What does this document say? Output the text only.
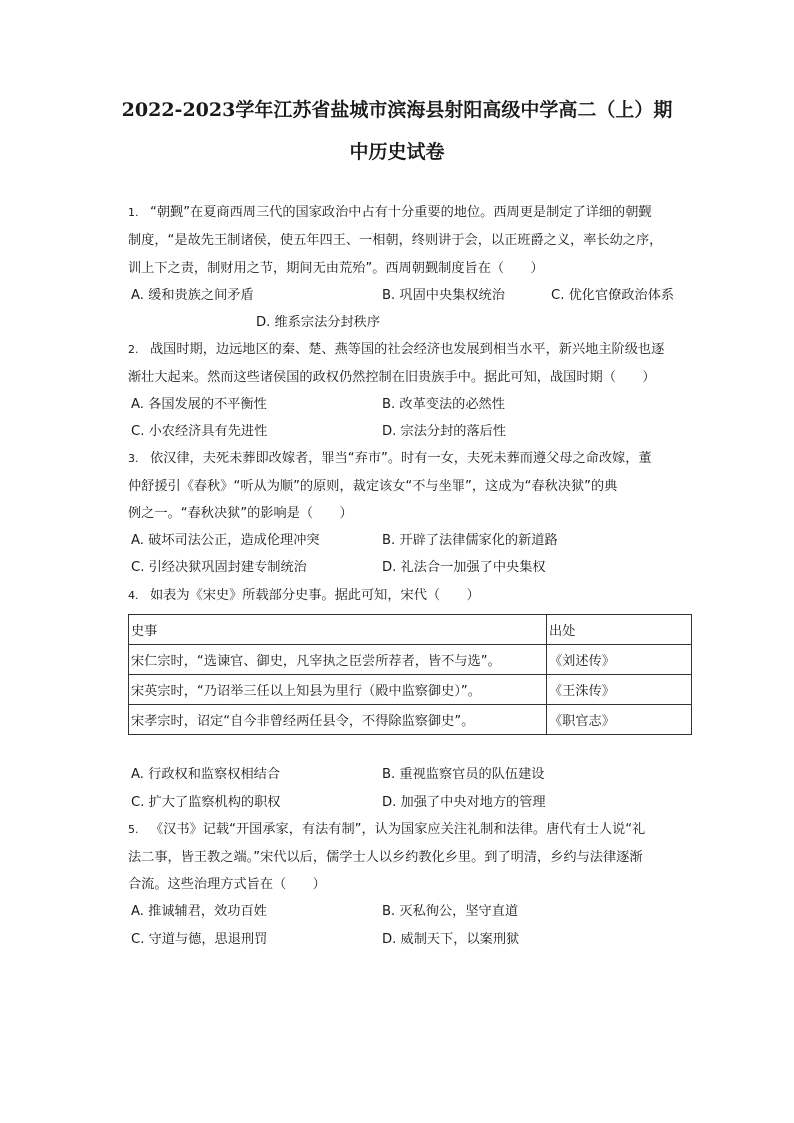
2022-2023学年江苏省盐城市滨海县射阳高级中学高二（上）期
中历史试卷
1. “朝觐”在夏商西周三代的国家政治中占有十分重要的地位。西周更是制定了详细的朝觐
制度，“是故先王制诸侯，使五年四王、一相朝，终则讲于会，以正班爵之义，率长幼之序，
训上下之责，制财用之节，期间无由荒殆”。西周朝觐制度旨在（　　）
A. 缓和贵族之间矛盾	B. 巩固中央集权统治	C. 优化官僚政治体系
D. 维系宗法分封秩序
2. 战国时期，边远地区的秦、楚、燕等国的社会经济也发展到相当水平，新兴地主阶级也逐
渐壮大起来。然而这些诸侯国的政权仍然控制在旧贵族手中。据此可知，战国时期（　　）
A. 各国发展的不平衡性	B. 改革变法的必然性
C. 小农经济具有先进性	D. 宗法分封的落后性
3. 依汉律，夫死未葬即改嫁者，罪当“弃市”。时有一女，夫死未葬而遵父母之命改嫁，董
仲舒援引《春秋》“听从为顺”的原则，裁定该女“不与坐罪”，这成为“春秋决狱”的典
例之一。“春秋决狱”的影响是（　　）
A. 破坏司法公正，造成伦理冲突	B. 开辟了法律儒家化的新道路
C. 引经决狱巩固封建专制统治	D. 礼法合一加强了中央集权
4. 如表为《宋史》所载部分史事。据此可知，宋代（　　）
史事	出处
宋仁宗时，“选谏官、御史，凡宰执之臣尝所荐者，皆不与选”。	《刘述传》
宋英宗时，“乃诏举三任以上知县为里行（殿中监察御史）”。	《王洙传》
宋孝宗时，诏定“自今非曾经两任县令，不得除监察御史”。	《职官志》
A. 行政权和监察权相结合	B. 重视监察官员的队伍建设
C. 扩大了监察机构的职权	D. 加强了中央对地方的管理
5. 《汉书》记载“开国承家，有法有制”，认为国家应关注礼制和法律。唐代有士人说“礼
法二事，皆王教之端。”宋代以后，儒学士人以乡约教化乡里。到了明清，乡约与法律逐渐
合流。这些治理方式旨在（　　）
A. 推诚辅君，效功百姓	B. 灭私徇公，坚守直道
C. 守道与德，思退刑罚	D. 威制天下，以案刑狱
